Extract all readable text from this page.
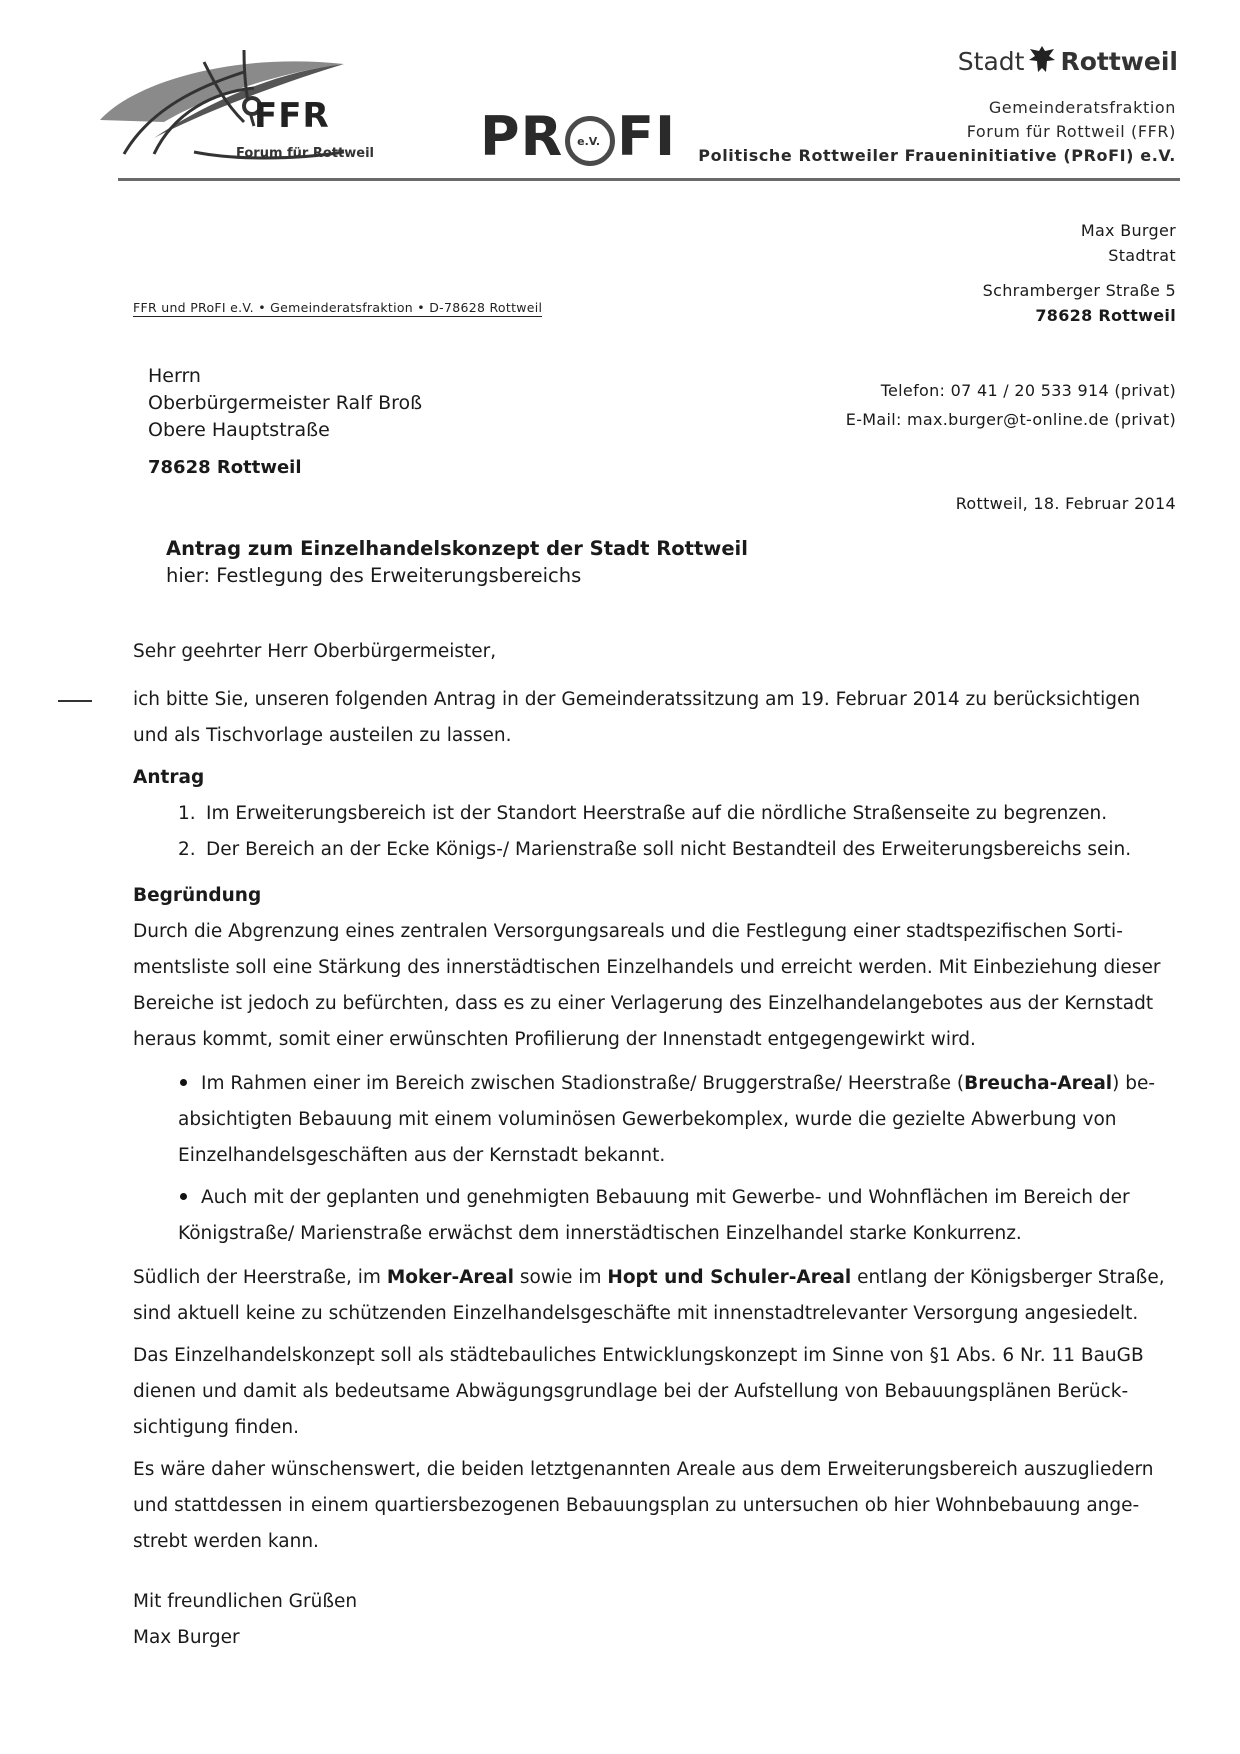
FFR
Forum für Rottweil PR e.V. FI
Stadt Rottweil
Gemeinderatsfraktion
Forum für Rottweil (FFR)
Politische Rottweiler Fraueninitiative (PRoFI) e.V.
Max Burger
Stadtrat
Schramberger Straße 5
78628 Rottweil
FFR und PRoFI e.V. • Gemeinderatsfraktion • D-78628 Rottweil
Herrn
Oberbürgermeister Ralf Broß
Obere Hauptstraße
78628 Rottweil
Telefon: 07 41 / 20 533 914 (privat)
E-Mail: max.burger@t-online.de (privat)
Rottweil, 18. Februar 2014
Antrag zum Einzelhandelskonzept der Stadt Rottweil
hier: Festlegung des Erweiterungsbereichs
Sehr geehrter Herr Oberbürgermeister,
ich bitte Sie, unseren folgenden Antrag in der Gemeinderatssitzung am 19. Februar 2014 zu berücksichtigen
und als Tischvorlage austeilen zu lassen.
Antrag
1. Im Erweiterungsbereich ist der Standort Heerstraße auf die nördliche Straßenseite zu begrenzen.
2. Der Bereich an der Ecke Königs-/ Marienstraße soll nicht Bestandteil des Erweiterungsbereichs sein.
Begründung
Durch die Abgrenzung eines zentralen Versorgungsareals und die Festlegung einer stadtspezifischen Sorti-
mentsliste soll eine Stärkung des innerstädtischen Einzelhandels und erreicht werden. Mit Einbeziehung dieser
Bereiche ist jedoch zu befürchten, dass es zu einer Verlagerung des Einzelhandelangebotes aus der Kernstadt
heraus kommt, somit einer erwünschten Profilierung der Innenstadt entgegengewirkt wird.
Im Rahmen einer im Bereich zwischen Stadionstraße/ Bruggerstraße/ Heerstraße (Breucha-Areal) be-
absichtigten Bebauung mit einem voluminösen Gewerbekomplex, wurde die gezielte Abwerbung von
Einzelhandelsgeschäften aus der Kernstadt bekannt.
Auch mit der geplanten und genehmigten Bebauung mit Gewerbe- und Wohnflächen im Bereich der
Königstraße/ Marienstraße erwächst dem innerstädtischen Einzelhandel starke Konkurrenz.
Südlich der Heerstraße, im Moker-Areal sowie im Hopt und Schuler-Areal entlang der Königsberger Straße,
sind aktuell keine zu schützenden Einzelhandelsgeschäfte mit innenstadtrelevanter Versorgung angesiedelt.
Das Einzelhandelskonzept soll als städtebauliches Entwicklungskonzept im Sinne von §1 Abs. 6 Nr. 11 BauGB
dienen und damit als bedeutsame Abwägungsgrundlage bei der Aufstellung von Bebauungsplänen Berück-
sichtigung finden.
Es wäre daher wünschenswert, die beiden letztgenannten Areale aus dem Erweiterungsbereich auszugliedern
und stattdessen in einem quartiersbezogenen Bebauungsplan zu untersuchen ob hier Wohnbebauung ange-
strebt werden kann.
Mit freundlichen Grüßen
Max Burger
